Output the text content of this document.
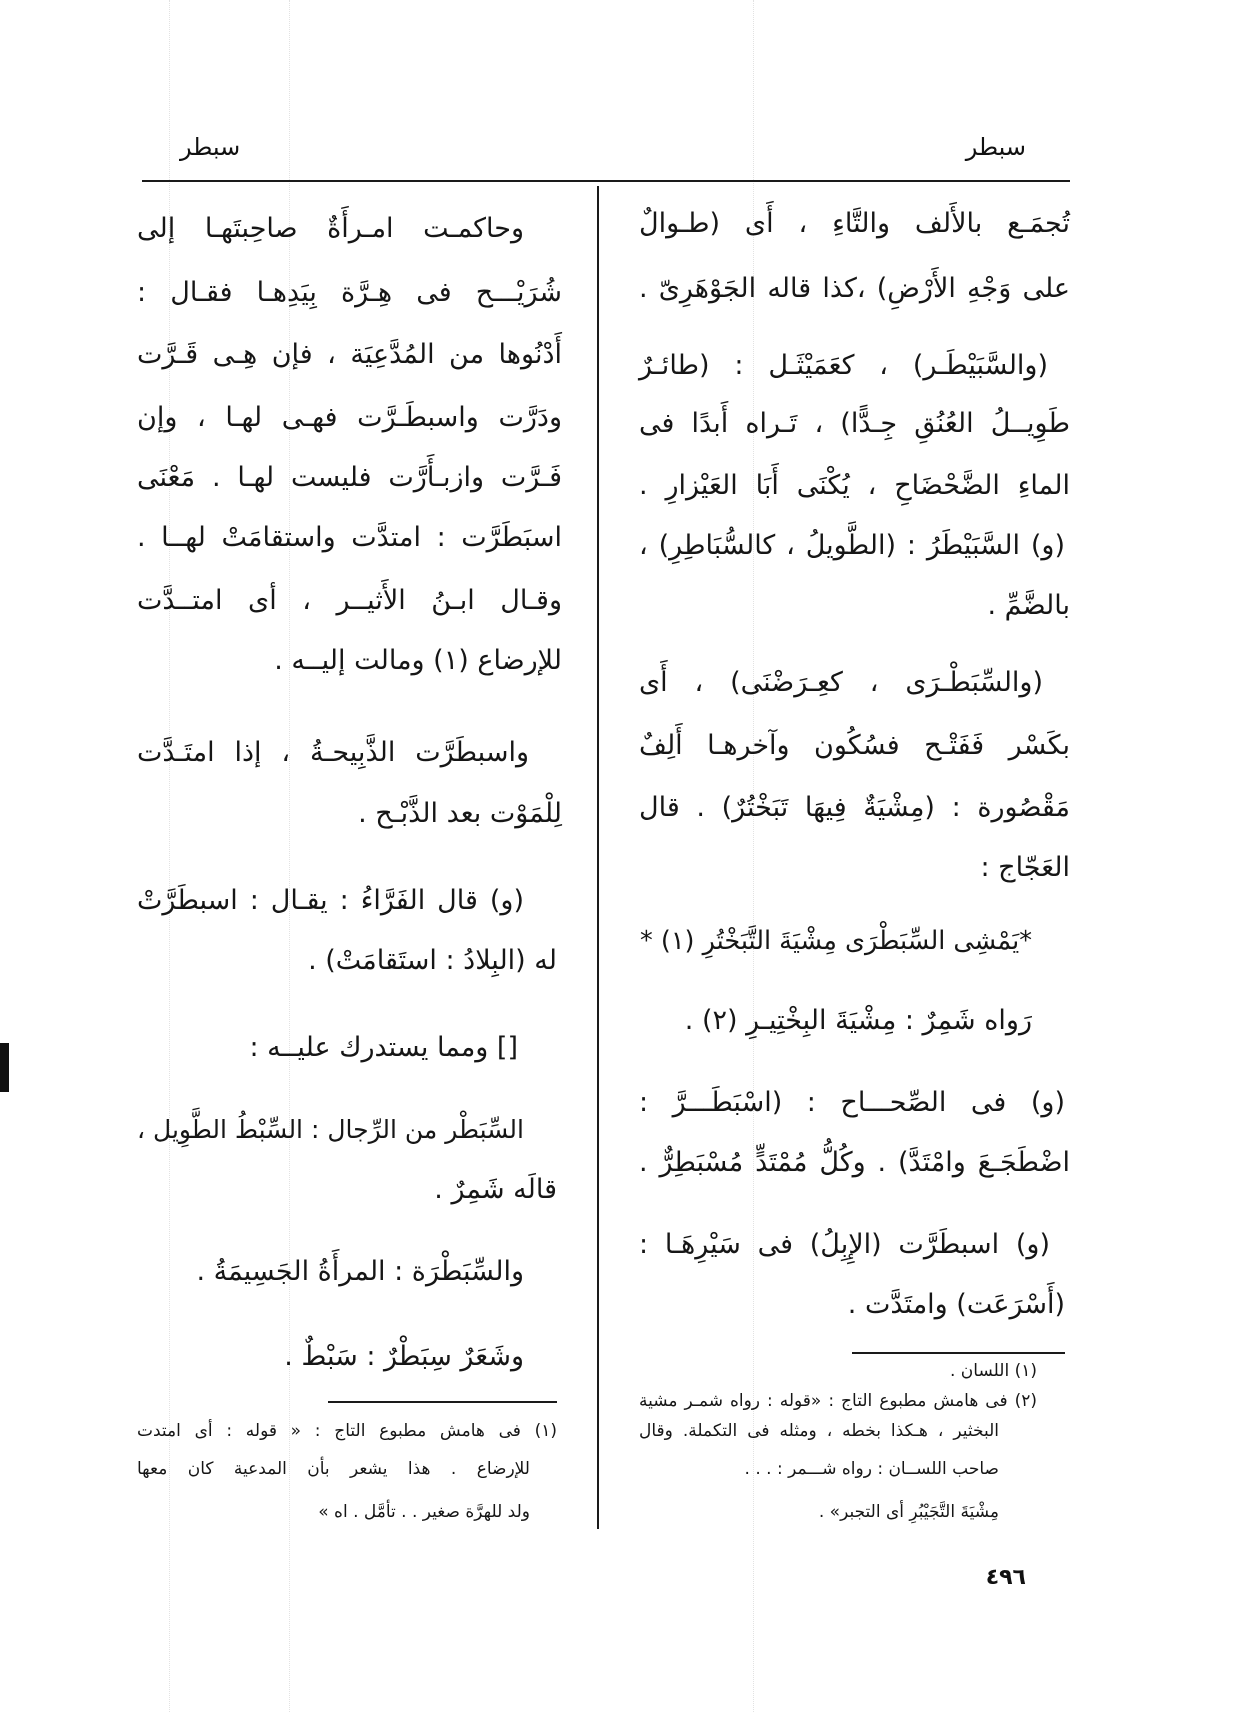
سبطر
سبطر
تُجمَـع بالأَلف والتَّاءِ ، أَى (طـوالٌ
على وَجْهِ الأَرْضِ) ،كذا قاله الجَوْهَرِىّ .
(والسَّبَيْطَـر) ، كعَمَيْثَـل : (طائـرٌ
طَوِيــلُ العُنُقِ جِـدًّا) ، تَـراه أَبدًا فى
الماءِ الضَّحْضَاحِ ، يُكْنَى أَبَا العَيْزارِ .
(و) السَّبَيْطَرُ : (الطَّويلُ ، كالسُّبَاطِرِ) ،
بالضَّمِّ .
(والسِّبَطْـرَى ، كعِـرَضْنَى) ، أَى
بكَسْر فَفَتْـح فسُكُون وآخرهـا أَلِفٌ
مَقْصُورة : (مِشْيَةٌ فِيهَا تَبَخْتُرٌ) . قال
العَجّاج :
*يَمْشِى السِّبَطْرَى مِشْيَةَ التَّبَخْتُرِ (١) *
رَواه شَمِرٌ : مِشْيَةَ البِخْتِيـرِ (٢) .
(و) فى الصِّحـــاح : (اسْبَطَـــرَّ :
اضْطَجَـعَ وامْتَدَّ) . وكُلُّ مُمْتَدٍّ مُسْبَطِرٌّ .
(و) اسبطَرَّت (الإِبِلُ) فى سَيْرِهَـا :
(أَسْرَعَت) وامتَدَّت .
(١) اللسان .
(٢) فى هامش مطبوع التاج : «قوله : رواه شمـر مشية
البخثير ، هـكذا بخطه ، ومثله فى التكملة. وقال
صاحب اللســان : رواه شـــمر : . . .
مِشْيَةَ التَّجَيْبُرِ أى التجبر» .
وحاكمـت امـرأَةٌ صاحِبتَهـا إلى
شُرَيْـــح فى هِـرَّة بِيَدِهـا فقـال :
أَدْنُوها من المُدَّعِيَة ، فإن هِـى قَـرَّت
ودَرَّت واسبطَـرَّت فهـى لهـا ، وإن
فَـرَّت وازبـأَرَّت فليست لهـا . مَعْنَى
اسبَطَرَّت : امتدَّت واستقامَتْ لهــا .
وقـال ابـنُ الأَثيــر ، أى امتــدَّت
للإرضاع (١) ومالت إليــه .
واسبطَرَّت الذَّبِيحـةُ ، إذا امتَـدَّت
لِلْمَوْت بعد الذَّبْـح .
(و) قال الفَرَّاءُ : يقـال : اسبطَرَّتْ
له (البِلادُ : استَقامَتْ) .
[] ومما يستدرك عليــه :
السِّبَطْر من الرِّجال : السِّبْطُ الطَّوِيل ،
قالَه شَمِرٌ .
والسِّبَطْرَة : المرأَةُ الجَسِيمَةُ .
وشَعَرٌ سِبَطْرٌ : سَبْطٌ .
(١) فى هامش مطبوع التاج : « قوله : أى امتدت
للإرضاع . هذا يشعر بأن المدعية كان معها
ولد للهرَّة صغير . . تأمَّل . اه »
٤٩٦
